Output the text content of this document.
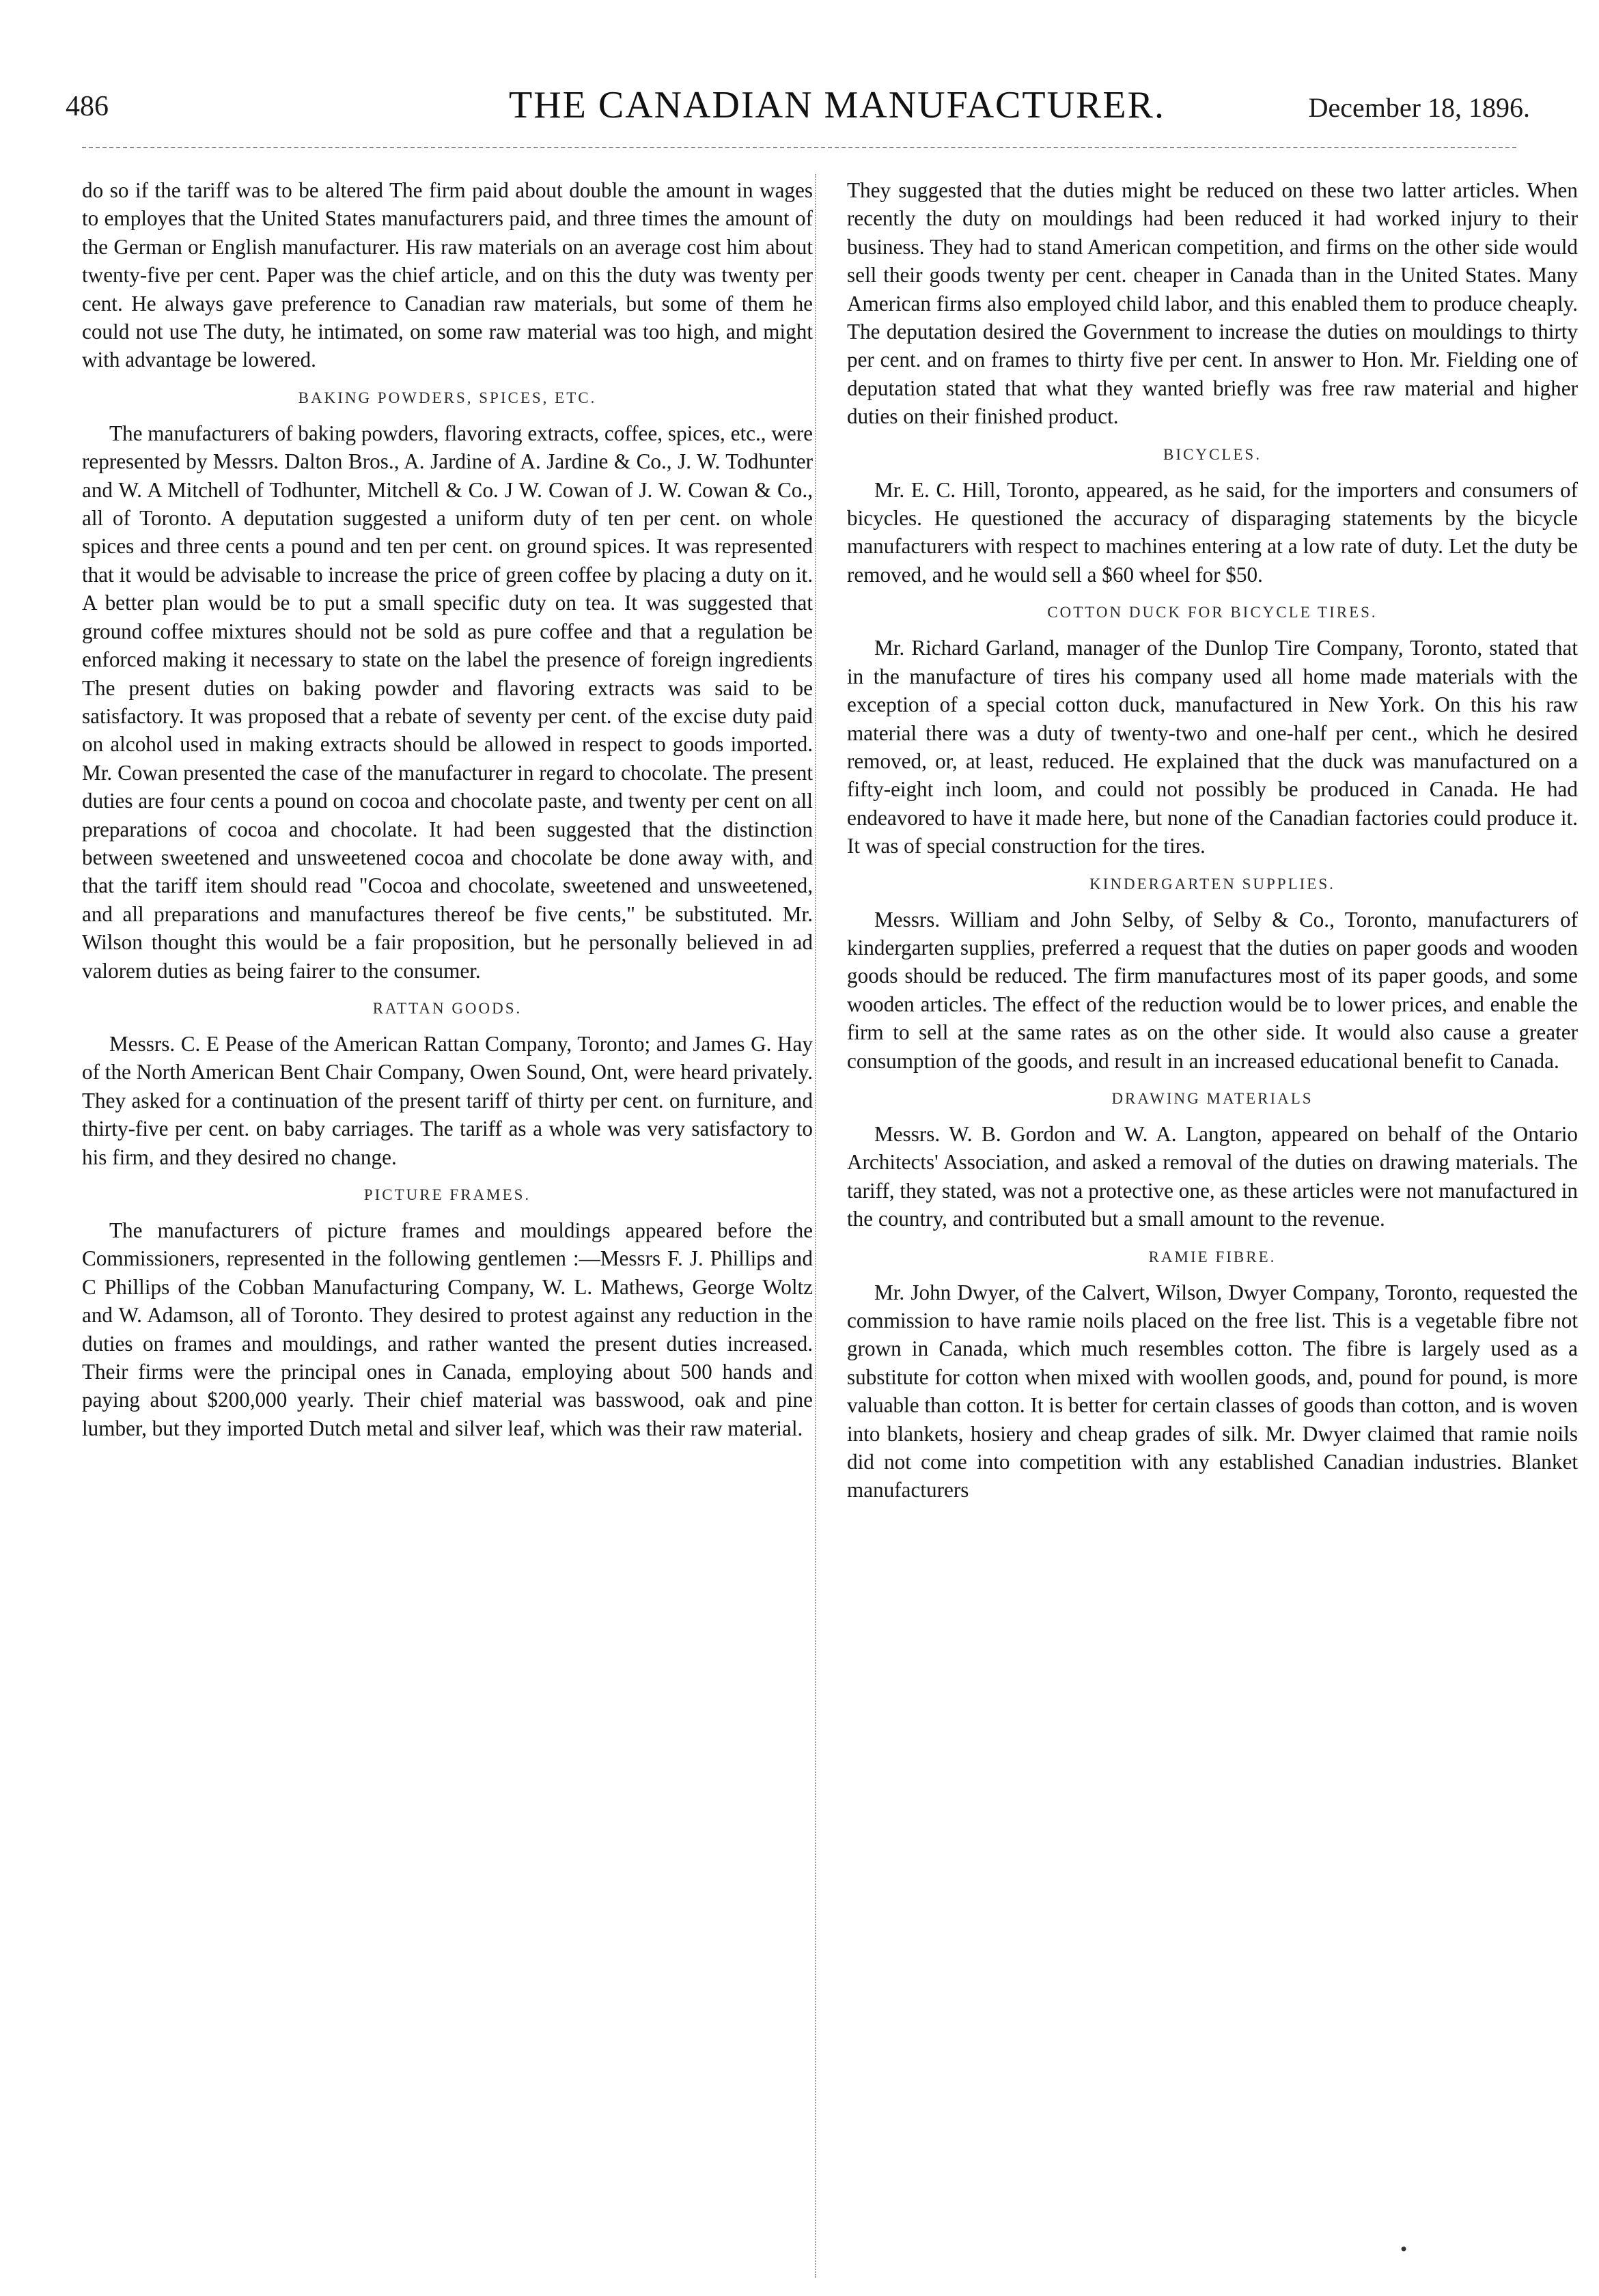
486	THE CANADIAN MANUFACTURER.	December 18, 1896.

do so if the tariff was to be altered The firm paid about double the amount in wages to employes that the United States manufacturers paid, and three times the amount of the German or English manufacturer. His raw materials on an average cost him about twenty-five per cent. Paper was the chief article, and on this the duty was twenty per cent. He always gave preference to Canadian raw materials, but some of them he could not use The duty, he intimated, on some raw material was too high, and might with advantage be lowered.

BAKING POWDERS, SPICES, ETC.

The manufacturers of baking powders, flavoring extracts, coffee, spices, etc., were represented by Messrs. Dalton Bros., A. Jardine of A. Jardine & Co., J. W. Todhunter and W. A Mitchell of Todhunter, Mitchell & Co. J W. Cowan of J. W. Cowan & Co., all of Toronto. A deputation suggested a uniform duty of ten per cent. on whole spices and three cents a pound and ten per cent. on ground spices. It was represented that it would be advisable to increase the price of green coffee by placing a duty on it. A better plan would be to put a small specific duty on tea. It was suggested that ground coffee mixtures should not be sold as pure coffee and that a regulation be enforced making it necessary to state on the label the presence of foreign ingredients The present duties on baking powder and flavoring extracts was said to be satisfactory. It was proposed that a rebate of seventy per cent. of the excise duty paid on alcohol used in making extracts should be allowed in respect to goods imported. Mr. Cowan presented the case of the manufacturer in regard to chocolate. The present duties are four cents a pound on cocoa and chocolate paste, and twenty per cent on all preparations of cocoa and chocolate. It had been suggested that the distinction between sweetened and unsweetened cocoa and chocolate be done away with, and that the tariff item should read "Cocoa and chocolate, sweetened and unsweetened, and all preparations and manufactures thereof be five cents," be substituted. Mr. Wilson thought this would be a fair proposition, but he personally believed in ad valorem duties as being fairer to the consumer.

RATTAN GOODS.

Messrs. C. E Pease of the American Rattan Company, Toronto; and James G. Hay of the North American Bent Chair Company, Owen Sound, Ont, were heard privately. They asked for a continuation of the present tariff of thirty per cent. on furniture, and thirty-five per cent. on baby carriages. The tariff as a whole was very satisfactory to his firm, and they desired no change.

PICTURE FRAMES.

The manufacturers of picture frames and mouldings appeared before the Commissioners, represented in the following gentlemen :—Messrs F. J. Phillips and C Phillips of the Cobban Manufacturing Company, W. L. Mathews, George Woltz and W. Adamson, all of Toronto. They desired to protest against any reduction in the duties on frames and mouldings, and rather wanted the present duties increased. Their firms were the principal ones in Canada, employing about 500 hands and paying about $200,000 yearly. Their chief material was basswood, oak and pine lumber, but they imported Dutch metal and silver leaf, which was their raw material.

They suggested that the duties might be reduced on these two latter articles. When recently the duty on mouldings had been reduced it had worked injury to their business. They had to stand American competition, and firms on the other side would sell their goods twenty per cent. cheaper in Canada than in the United States. Many American firms also employed child labor, and this enabled them to produce cheaply. The deputation desired the Government to increase the duties on mouldings to thirty per cent. and on frames to thirty five per cent. In answer to Hon. Mr. Fielding one of deputation stated that what they wanted briefly was free raw material and higher duties on their finished product.

BICYCLES.

Mr. E. C. Hill, Toronto, appeared, as he said, for the importers and consumers of bicycles. He questioned the accuracy of disparaging statements by the bicycle manufacturers with respect to machines entering at a low rate of duty. Let the duty be removed, and he would sell a $60 wheel for $50.

COTTON DUCK FOR BICYCLE TIRES.

Mr. Richard Garland, manager of the Dunlop Tire Company, Toronto, stated that in the manufacture of tires his company used all home made materials with the exception of a special cotton duck, manufactured in New York. On this his raw material there was a duty of twenty-two and one-half per cent., which he desired removed, or, at least, reduced. He explained that the duck was manufactured on a fifty-eight inch loom, and could not possibly be produced in Canada. He had endeavored to have it made here, but none of the Canadian factories could produce it. It was of special construction for the tires.

KINDERGARTEN SUPPLIES.

Messrs. William and John Selby, of Selby & Co., Toronto, manufacturers of kindergarten supplies, preferred a request that the duties on paper goods and wooden goods should be reduced. The firm manufactures most of its paper goods, and some wooden articles. The effect of the reduction would be to lower prices, and enable the firm to sell at the same rates as on the other side. It would also cause a greater consumption of the goods, and result in an increased educational benefit to Canada.

DRAWING MATERIALS

Messrs. W. B. Gordon and W. A. Langton, appeared on behalf of the Ontario Architects' Association, and asked a removal of the duties on drawing materials. The tariff, they stated, was not a protective one, as these articles were not manufactured in the country, and contributed but a small amount to the revenue.

RAMIE FIBRE.

Mr. John Dwyer, of the Calvert, Wilson, Dwyer Company, Toronto, requested the commission to have ramie noils placed on the free list. This is a vegetable fibre not grown in Canada, which much resembles cotton. The fibre is largely used as a substitute for cotton when mixed with woollen goods, and, pound for pound, is more valuable than cotton. It is better for certain classes of goods than cotton, and is woven into blankets, hosiery and cheap grades of silk. Mr. Dwyer claimed that ramie noils did not come into competition with any established Canadian industries. Blanket manufacturers

•
